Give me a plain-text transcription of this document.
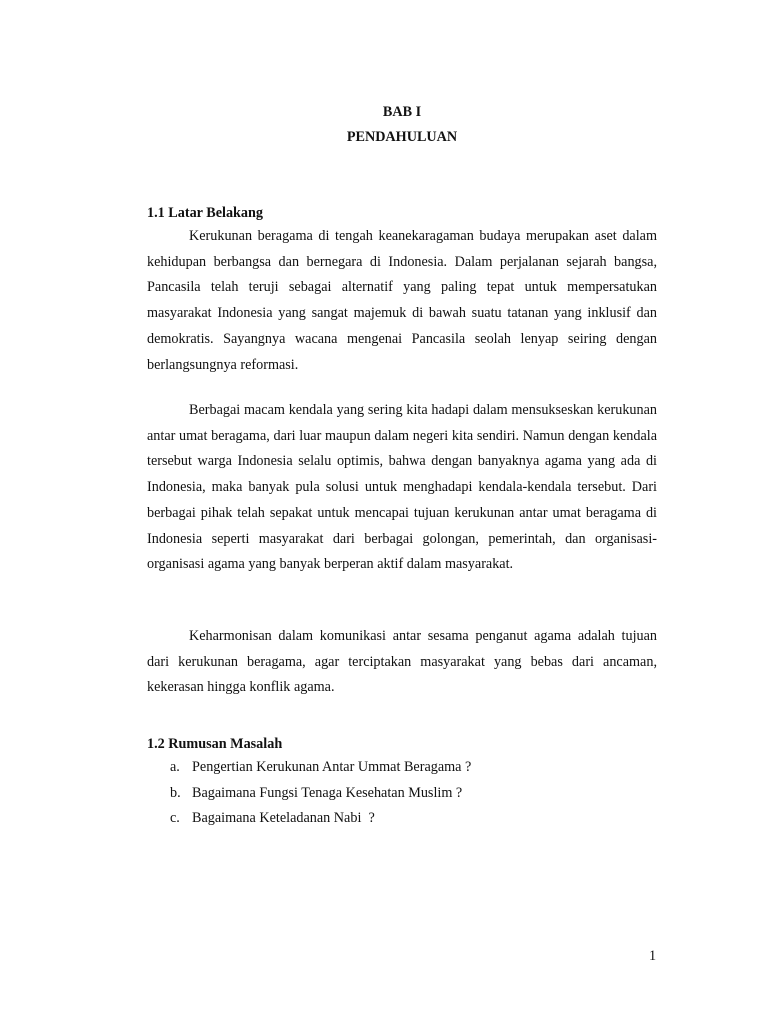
BAB I
PENDAHULUAN
1.1 Latar Belakang

Kerukunan beragama di tengah keanekaragaman budaya merupakan aset dalam kehidupan berbangsa dan bernegara di Indonesia. Dalam perjalanan sejarah bangsa, Pancasila telah teruji sebagai alternatif yang paling tepat untuk mempersatukan masyarakat Indonesia yang sangat majemuk di bawah suatu tatanan yang inklusif dan demokratis. Sayangnya wacana mengenai Pancasila seolah lenyap seiring dengan berlangsungnya reformasi.

Berbagai macam kendala yang sering kita hadapi dalam mensukseskan kerukunan antar umat beragama, dari luar maupun dalam negeri kita sendiri. Namun dengan kendala tersebut warga Indonesia selalu optimis, bahwa dengan banyaknya agama yang ada di Indonesia, maka banyak pula solusi untuk menghadapi kendala-kendala tersebut. Dari berbagai pihak telah sepakat untuk mencapai tujuan kerukunan antar umat beragama di Indonesia seperti masyarakat dari berbagai golongan, pemerintah, dan organisasi-organisasi agama yang banyak berperan aktif dalam masyarakat.

Keharmonisan dalam komunikasi antar sesama penganut agama adalah tujuan dari kerukunan beragama, agar terciptakan masyarakat yang bebas dari ancaman, kekerasan hingga konflik agama.

1.2 Rumusan Masalah
a. Pengertian Kerukunan Antar Ummat Beragama ?
b. Bagaimana Fungsi Tenaga Kesehatan Muslim ?
c. Bagaimana Keteladanan Nabi  ?
1
